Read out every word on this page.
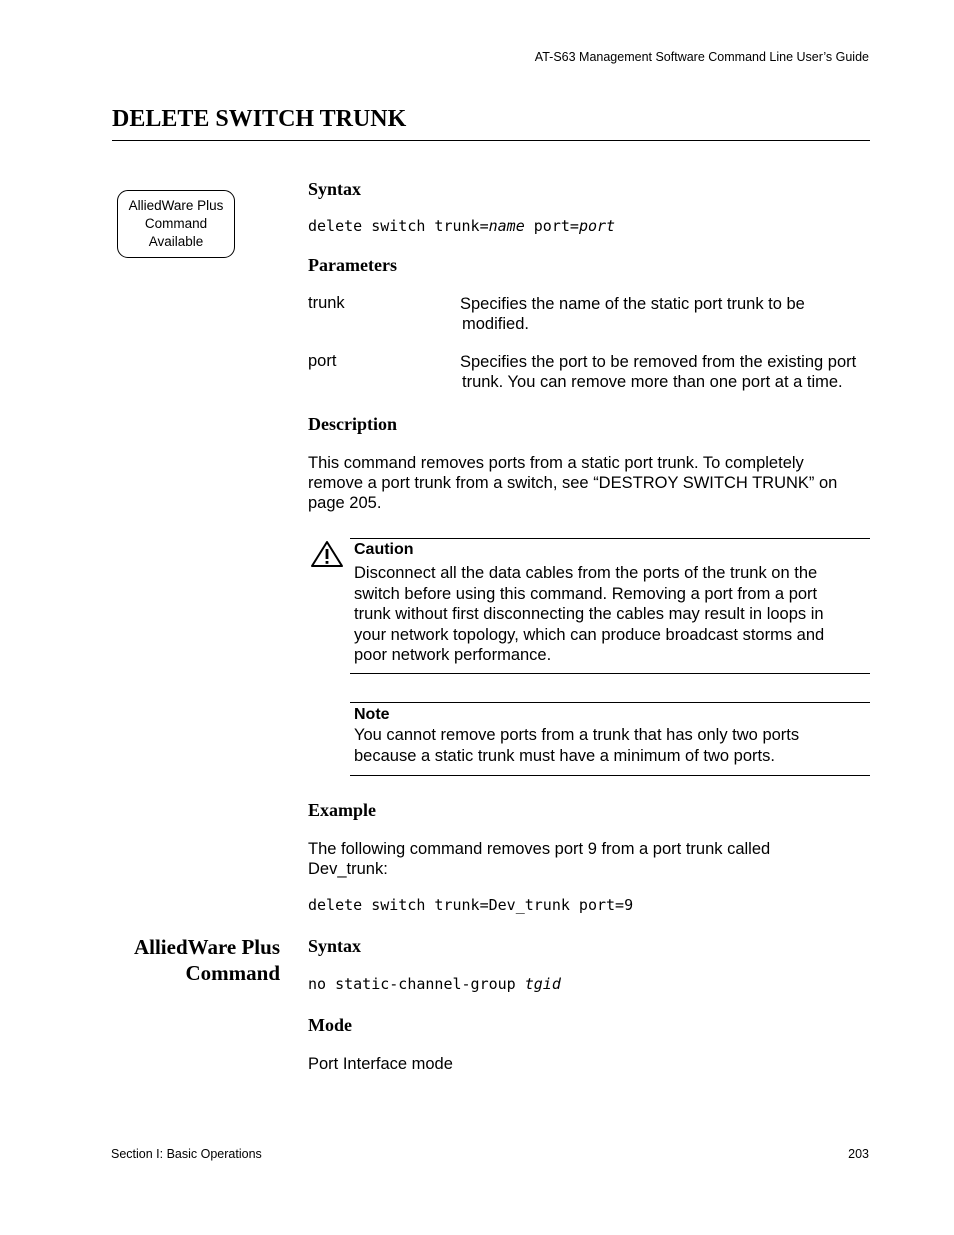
AT-S63 Management Software Command Line User’s Guide
DELETE SWITCH TRUNK
AlliedWare Plus
Command
Available
Syntax
delete switch trunk=name port=port
Parameters
trunk	Specifies the name of the static port trunk to be
modified.
port	Specifies the port to be removed from the existing port
trunk. You can remove more than one port at a time.
Description
This command removes ports from a static port trunk. To completely
remove a port trunk from a switch, see “DESTROY SWITCH TRUNK” on
page 205.
Caution
Disconnect all the data cables from the ports of the trunk on the
switch before using this command. Removing a port from a port
trunk without first disconnecting the cables may result in loops in
your network topology, which can produce broadcast storms and
poor network performance.
Note
You cannot remove ports from a trunk that has only two ports
because a static trunk must have a minimum of two ports.
Example
The following command removes port 9 from a port trunk called
Dev_trunk:
delete switch trunk=Dev_trunk port=9
AlliedWare Plus
Command
Syntax
no static-channel-group tgid
Mode
Port Interface mode
Section I: Basic Operations	203
